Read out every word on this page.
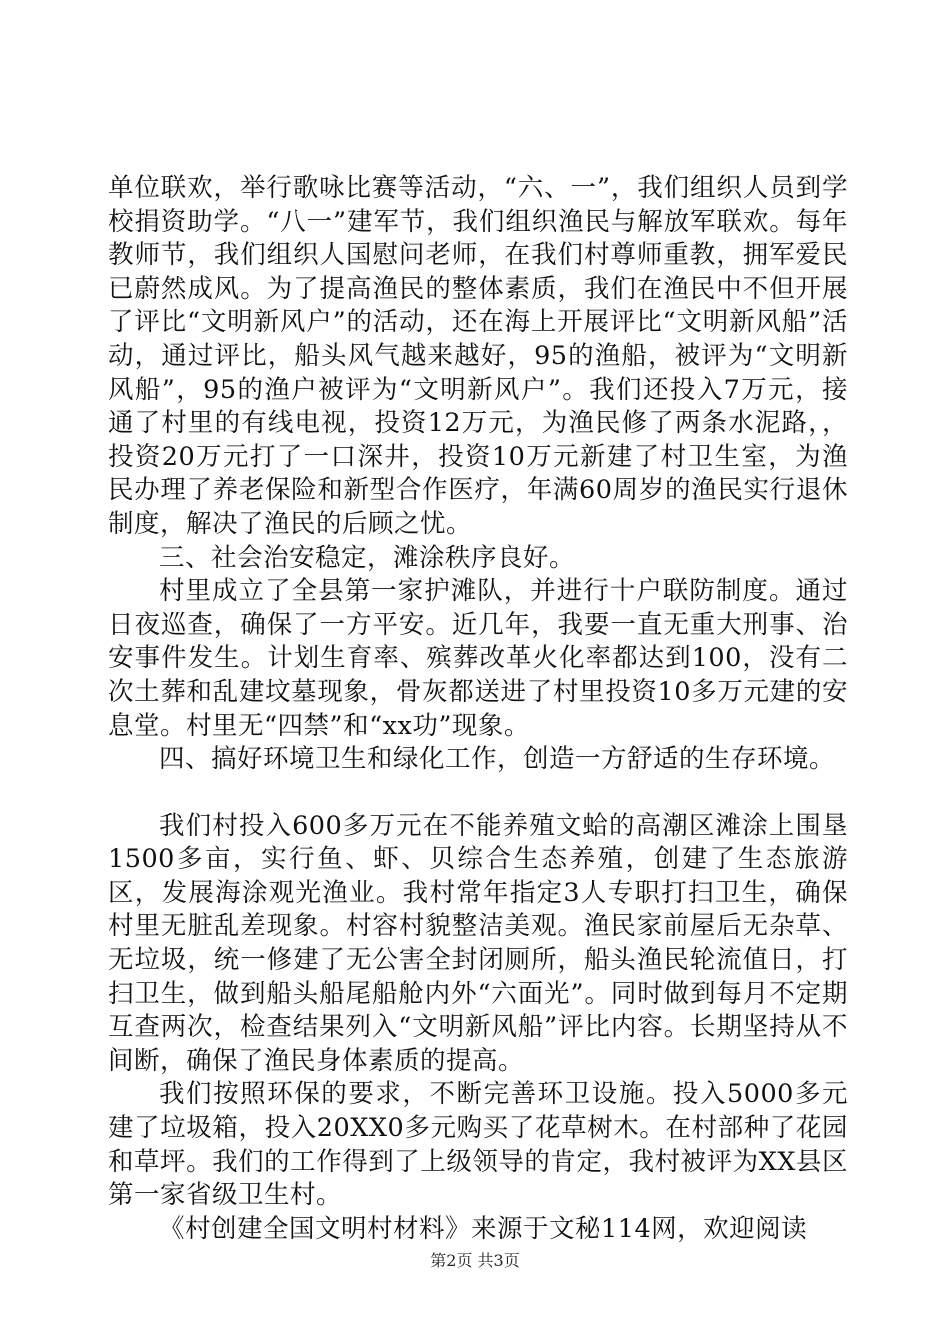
单位联欢，举行歌咏比赛等活动，“六、一”，我们组织人员到学校捐资助学。“八一”建军节，我们组织渔民与解放军联欢。每年教师节，我们组织人国慰问老师，在我们村尊师重教，拥军爱民已蔚然成风。为了提高渔民的整体素质，我们在渔民中不但开展了评比“文明新风户”的活动，还在海上开展评比“文明新风船”活动，通过评比，船头风气越来越好，95的渔船，被评为“文明新风船”，95的渔户被评为“文明新风户”。我们还投入7万元，接通了村里的有线电视，投资12万元，为渔民修了两条水泥路，，投资20万元打了一口深井，投资10万元新建了村卫生室，为渔民办理了养老保险和新型合作医疗，年满60周岁的渔民实行退休制度，解决了渔民的后顾之忧。

三、社会治安稳定，滩涂秩序良好。

村里成立了全县第一家护滩队，并进行十户联防制度。通过日夜巡查，确保了一方平安。近几年，我要一直无重大刑事、治安事件发生。计划生育率、殡葬改革火化率都达到100，没有二次土葬和乱建坟墓现象，骨灰都送进了村里投资10多万元建的安息堂。村里无“四禁”和“xx功”现象。

四、搞好环境卫生和绿化工作，创造一方舒适的生存环境。

我们村投入600多万元在不能养殖文蛤的高潮区滩涂上围垦1500多亩，实行鱼、虾、贝综合生态养殖，创建了生态旅游区，发展海涂观光渔业。我村常年指定3人专职打扫卫生，确保村里无脏乱差现象。村容村貌整洁美观。渔民家前屋后无杂草、无垃圾，统一修建了无公害全封闭厕所，船头渔民轮流值日，打扫卫生，做到船头船尾船舱内外“六面光”。同时做到每月不定期互查两次，检查结果列入“文明新风船”评比内容。长期坚持从不间断，确保了渔民身体素质的提高。

我们按照环保的要求，不断完善环卫设施。投入5000多元建了垃圾箱，投入20XX0多元购买了花草树木。在村部种了花园和草坪。我们的工作得到了上级领导的肯定，我村被评为XX县区第一家省级卫生村。

《村创建全国文明村材料》来源于文秘114网，欢迎阅读

第2页 共3页
